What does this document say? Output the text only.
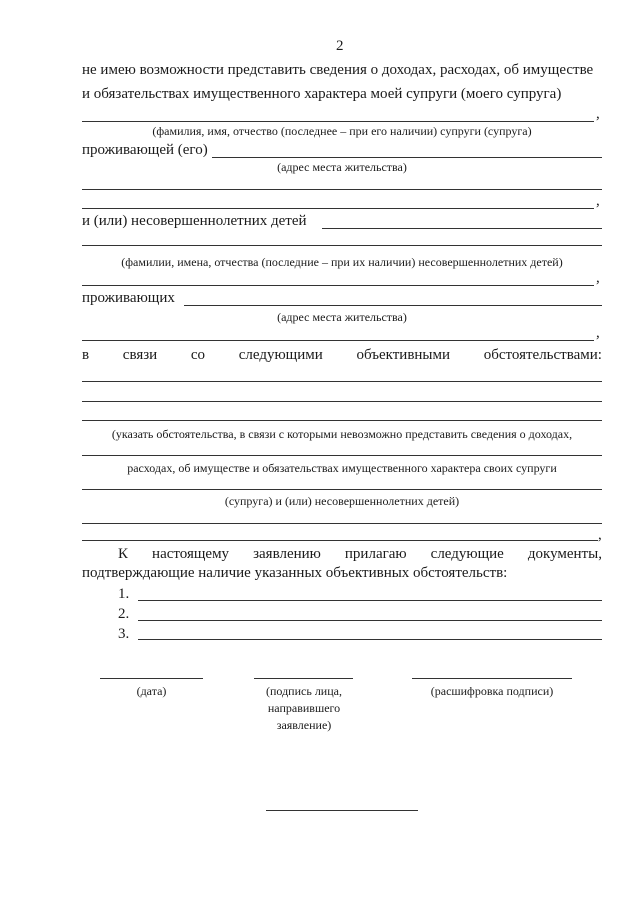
2
не имею возможности представить сведения о доходах, расходах, об имуществе
и обязательствах имущественного характера моей супруги (моего супруга)
,
(фамилия, имя, отчество (последнее – при его наличии) супруги (супруга)
проживающей (его)
(адрес места жительства)
,
и (или) несовершеннолетних детей
(фамилии, имена, отчества (последние – при их наличии) несовершеннолетних детей)
,
проживающих
(адрес места жительства)
,
в связи со следующими объективными обстоятельствами:
(указать обстоятельства, в связи с которыми невозможно представить сведения о доходах,
расходах, об имуществе и обязательствах имущественного характера своих супруги
(супруга) и (или) несовершеннолетних детей)
,
К настоящему заявлению прилагаю следующие документы,
подтверждающие наличие указанных объективных обстоятельств:
1.
2.
3.
(дата)	(подпись лица,
направившего
заявление)
(расшифровка подписи)
